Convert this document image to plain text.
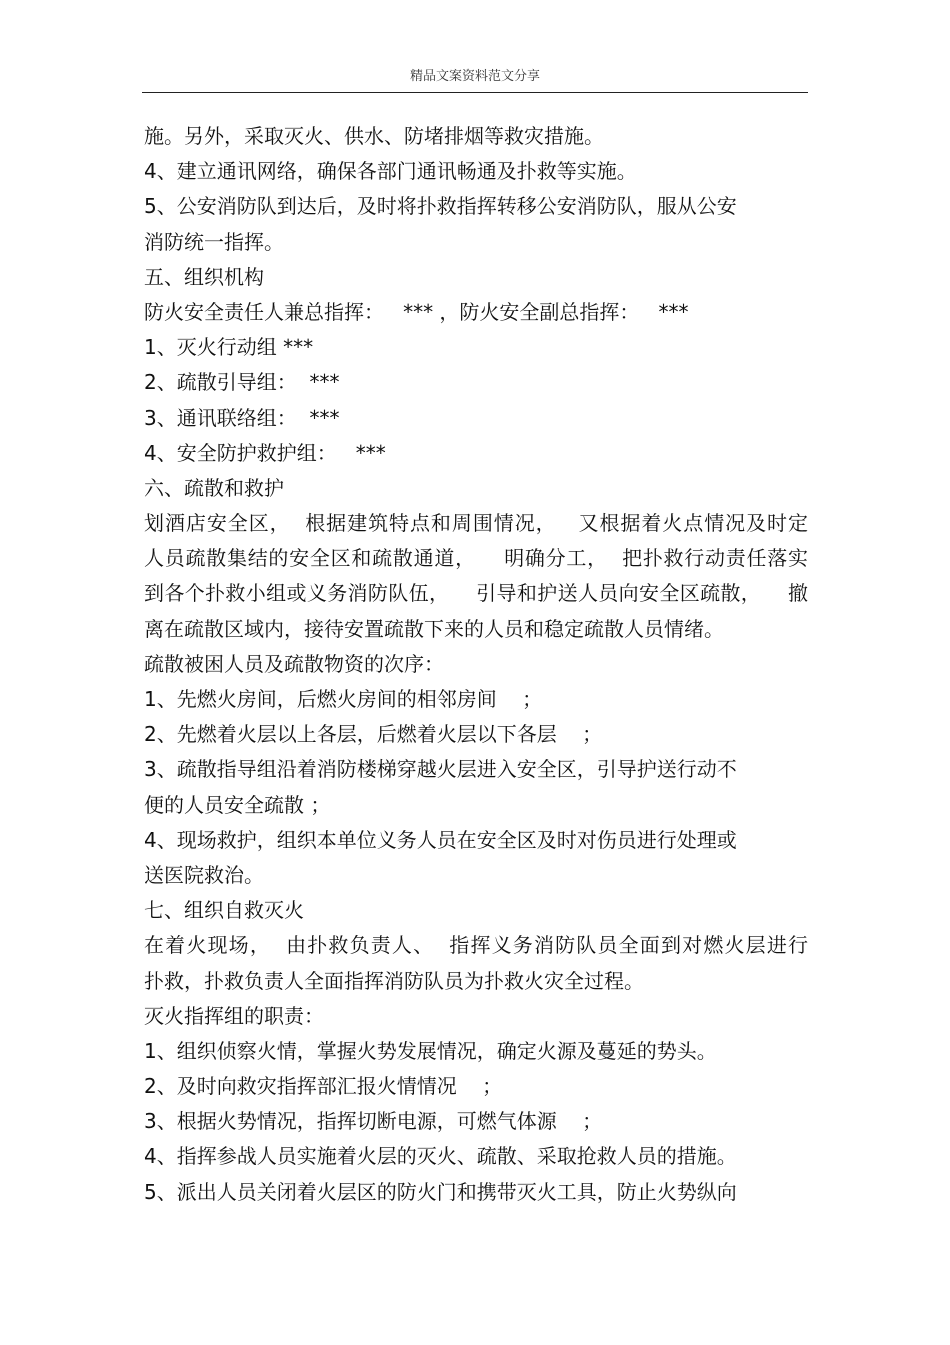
精品文案资料范文分享
施。另外，采取灭火、供水、防堵排烟等救灾措施。
4、建立通讯网络，确保各部门通讯畅通及扑救等实施。
5、公安消防队到达后，及时将扑救指挥转移公安消防队，服从公安
消防统一指挥。
五、组织机构
防火安全责任人兼总指挥：   *** ，防火安全副总指挥：   ***
1、灭火行动组 ***
2、疏散引导组：  ***
3、通讯联络组：  ***
4、安全防护救护组：   ***
六、疏散和救护
划酒店安全区，  根据建筑特点和周围情况，   又根据着火点情况及时定
人员疏散集结的安全区和疏散通道，    明确分工，  把扑救行动责任落实
到各个扑救小组或义务消防队伍，    引导和护送人员向安全区疏散，    撤
离在疏散区域内，接待安置疏散下来的人员和稳定疏散人员情绪。
疏散被困人员及疏散物资的次序：
1、先燃火房间，后燃火房间的相邻房间    ；
2、先燃着火层以上各层，后燃着火层以下各层    ；
3、疏散指导组沿着消防楼梯穿越火层进入安全区，引导护送行动不
便的人员安全疏散 ；
4、现场救护，组织本单位义务人员在安全区及时对伤员进行处理或
送医院救治。
七、组织自救灭火
在着火现场，  由扑救负责人、  指挥义务消防队员全面到对燃火层进行
扑救，扑救负责人全面指挥消防队员为扑救火灾全过程。
灭火指挥组的职责：
1、组织侦察火情，掌握火势发展情况，确定火源及蔓延的势头。
2、及时向救灾指挥部汇报火情情况    ；
3、根据火势情况，指挥切断电源，可燃气体源    ；
4、指挥参战人员实施着火层的灭火、疏散、采取抢救人员的措施。
5、派出人员关闭着火层区的防火门和携带灭火工具，防止火势纵向
